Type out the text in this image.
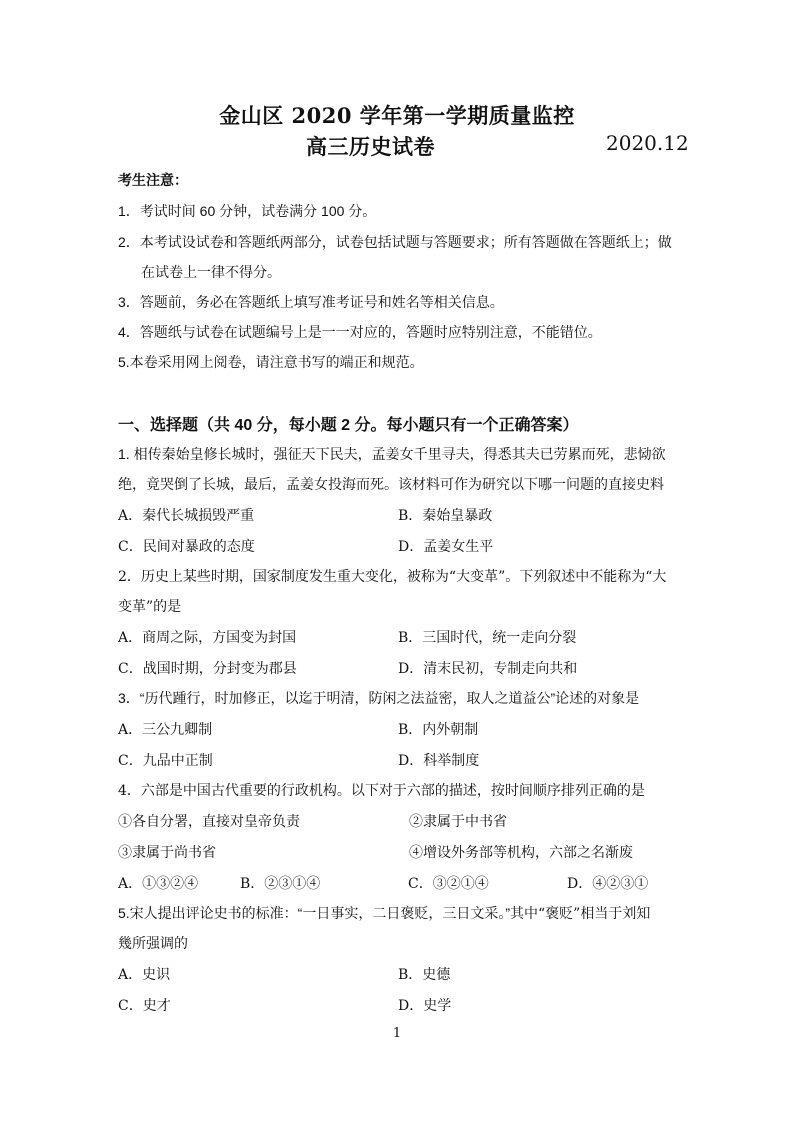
金山区 2020 学年第一学期质量监控
高三历史试卷	2020.12
考生注意：
1．考试时间 60 分钟，试卷满分 100 分。
2．本考试设试卷和答题纸两部分，试卷包括试题与答题要求；所有答题做在答题纸上；做
在试卷上一律不得分。
3．答题前，务必在答题纸上填写准考证号和姓名等相关信息。
4．答题纸与试卷在试题编号上是一一对应的，答题时应特别注意，不能错位。
5.本卷采用网上阅卷，请注意书写的端正和规范。
一、选择题（共 40 分，每小题 2 分。每小题只有一个正确答案）
1. 相传秦始皇修长城时，强征天下民夫，孟姜女千里寻夫，得悉其夫已劳累而死，悲恸欲
绝，竟哭倒了长城，最后，孟姜女投海而死。该材料可作为研究以下哪一问题的直接史料
A．秦代长城损毁严重	B．秦始皇暴政
C．民间对暴政的态度	D．孟姜女生平
2．历史上某些时期，国家制度发生重大变化，被称为“大变革”。下列叙述中不能称为“大
变革”的是
A．商周之际，方国变为封国	B．三国时代，统一走向分裂
C．战国时期，分封变为郡县	D．清末民初，专制走向共和
3．“历代踵行，时加修正，以迄于明清，防闲之法益密，取人之道益公”论述的对象是
A．三公九卿制	B．内外朝制
C．九品中正制	D．科举制度
4．六部是中国古代重要的行政机构。以下对于六部的描述，按时间顺序排列正确的是
①各自分署，直接对皇帝负责	②隶属于中书省
③隶属于尚书省	④增设外务部等机构，六部之名渐废
A．①③②④	B．②③①④	C．③②①④	D．④②③①
5.宋人提出评论史书的标准：“一日事实，二日褒贬，三日文采。”其中“褒贬”相当于刘知
幾所强调的
A．史识	B．史德
C．史才	D．史学
1
